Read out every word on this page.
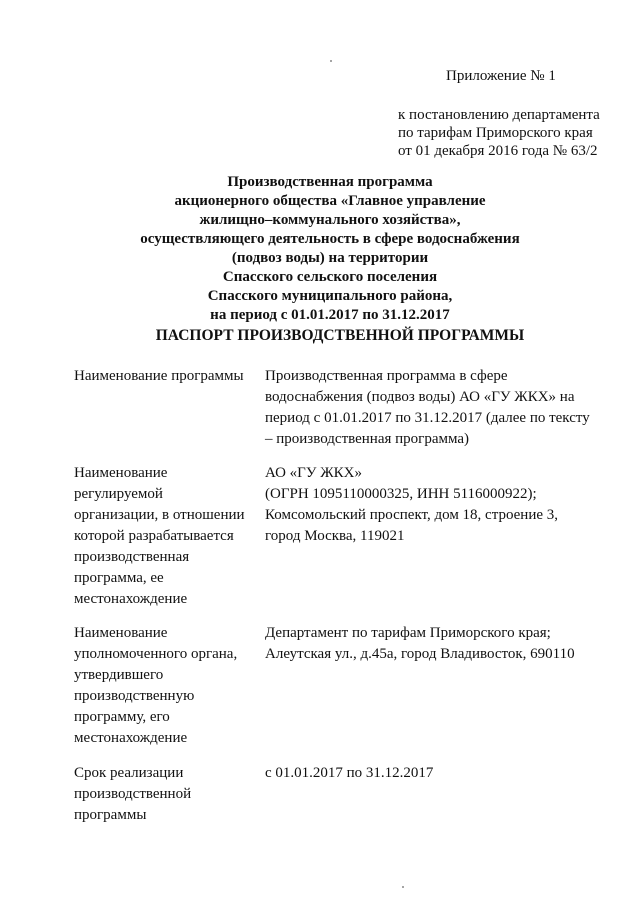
Приложение № 1
к постановлению департамента
по тарифам Приморского края
от 01 декабря 2016 года № 63/2
Производственная программа
акционерного общества «Главное управление
жилищно–коммунального хозяйства»,
осуществляющего деятельность в сфере водоснабжения
(подвоз воды) на территории
Спасского сельского поселения
Спасского муниципального района,
на период с 01.01.2017 по 31.12.2017
ПАСПОРТ ПРОИЗВОДСТВЕННОЙ ПРОГРАММЫ
Наименование программы	Производственная программа в сфере
водоснабжения (подвоз воды) АО «ГУ ЖКХ» на
период с 01.01.2017 по 31.12.2017 (далее по тексту
– производственная программа)
Наименование
регулируемой
организации, в отношении
которой разрабатывается
производственная
программа, ее
местонахождение
АО «ГУ ЖКХ»
(ОГРН 1095110000325, ИНН 5116000922);
Комсомольский проспект, дом 18, строение 3,
город Москва, 119021
Наименование
уполномоченного органа,
утвердившего
производственную
программу, его
местонахождение
Департамент по тарифам Приморского края;
Алеутская ул., д.45а, город Владивосток, 690110
Срок реализации
производственной
программы
с 01.01.2017 по 31.12.2017
